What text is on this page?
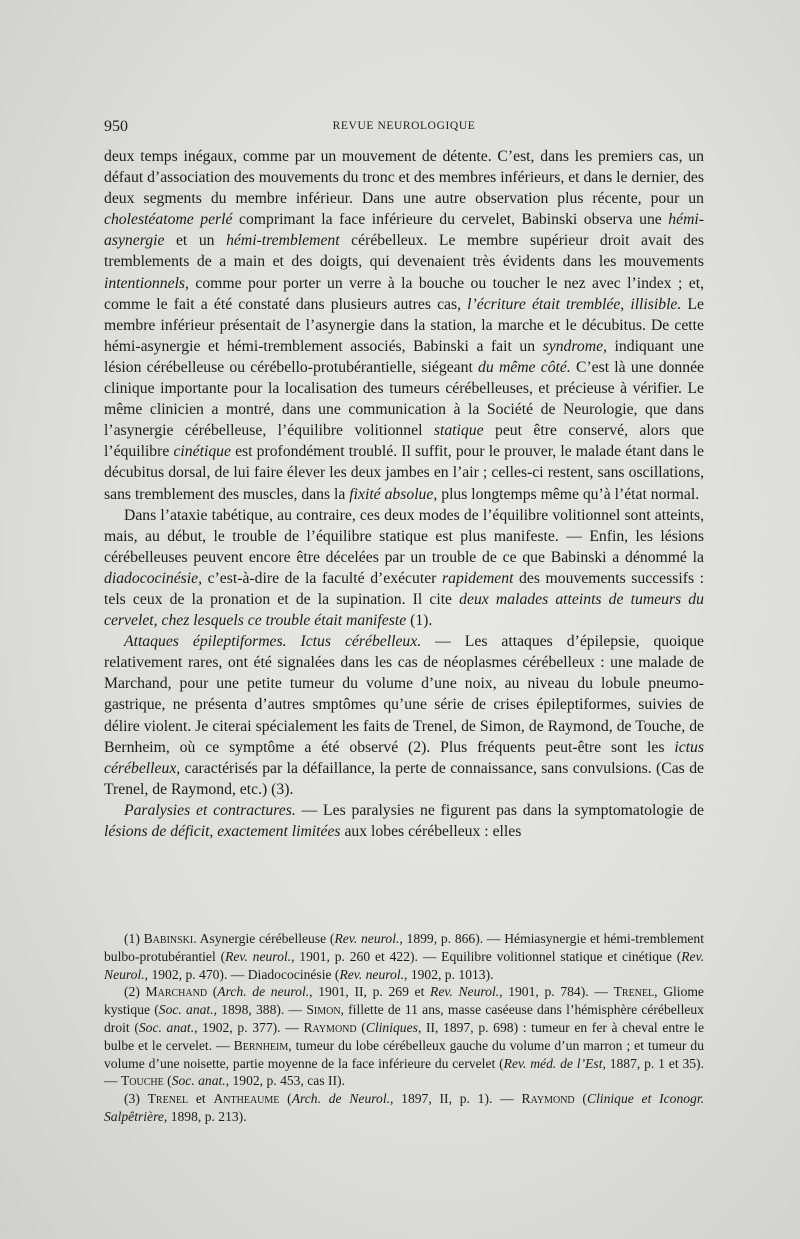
950	REVUE NEUROLOGIQUE

deux temps inégaux, comme par un mouvement de détente. C’est, dans les premiers cas, un défaut d’association des mouvements du tronc et des membres inférieurs, et dans le dernier, des deux segments du membre inférieur. Dans une autre observation plus récente, pour un cholestéatome perlé comprimant la face inférieure du cervelet, Babinski observa une hémi-asynergie et un hémi-tremblement cérébelleux. Le membre supérieur droit avait des tremblements de a main et des doigts, qui devenaient très évidents dans les mouvements intentionnels, comme pour porter un verre à la bouche ou toucher le nez avec l’index ; et, comme le fait a été constaté dans plusieurs autres cas, l’écriture était tremblée, illisible. Le membre inférieur présentait de l’asynergie dans la station, la marche et le décubitus. De cette hémi-asynergie et hémi-tremblement associés, Babinski a fait un syndrome, indiquant une lésion cérébelleuse ou cérébello-protubérantielle, siégeant du même côté. C’est là une donnée clinique importante pour la localisation des tumeurs cérébelleuses, et précieuse à vérifier. Le même clinicien a montré, dans une communication à la Société de Neurologie, que dans l’asynergie cérébelleuse, l’équilibre volitionnel statique peut être conservé, alors que l’équilibre cinétique est profondément troublé. Il suffit, pour le prouver, le malade étant dans le décubitus dorsal, de lui faire élever les deux jambes en l’air ; celles-ci restent, sans oscillations, sans tremblement des muscles, dans la fixité absolue, plus longtemps même qu’à l’état normal.

Dans l’ataxie tabétique, au contraire, ces deux modes de l’équilibre volitionnel sont atteints, mais, au début, le trouble de l’équilibre statique est plus manifeste. — Enfin, les lésions cérébelleuses peuvent encore être décelées par un trouble de ce que Babinski a dénommé la diadococinésie, c’est-à-dire de la faculté d’exécuter rapidement des mouvements successifs : tels ceux de la pronation et de la supination. Il cite deux malades atteints de tumeurs du cervelet, chez lesquels ce trouble était manifeste (1).

Attaques épileptiformes. Ictus cérébelleux. — Les attaques d’épilepsie, quoique relativement rares, ont été signalées dans les cas de néoplasmes cérébelleux : une malade de Marchand, pour une petite tumeur du volume d’une noix, au niveau du lobule pneumo-gastrique, ne présenta d’autres smptômes qu’une série de crises épileptiformes, suivies de délire violent. Je citerai spécialement les faits de Trenel, de Simon, de Raymond, de Touche, de Bernheim, où ce symptôme a été observé (2). Plus fréquents peut-être sont les ictus cérébelleux, caractérisés par la défaillance, la perte de connaissance, sans convulsions. (Cas de Trenel, de Raymond, etc.) (3).

Paralysies et contractures. — Les paralysies ne figurent pas dans la symptomatologie de lésions de déficit, exactement limitées aux lobes cérébelleux : elles

(1) Babinski. Asynergie cérébelleuse (Rev. neurol., 1899, p. 866). — Hémiasynergie et hémi-tremblement bulbo-protubérantiel (Rev. neurol., 1901, p. 260 et 422). — Equilibre volitionnel statique et cinétique (Rev. Neurol., 1902, p. 470). — Diadococinésie (Rev. neurol., 1902, p. 1013).

(2) Marchand (Arch. de neurol., 1901, II, p. 269 et Rev. Neurol., 1901, p. 784). — Trenel, Gliome kystique (Soc. anat., 1898, 388). — Simon, fillette de 11 ans, masse caséeuse dans l’hémisphère cérébelleux droit (Soc. anat., 1902, p. 377). — Raymond (Cliniques, II, 1897, p. 698) : tumeur en fer à cheval entre le bulbe et le cervelet. — Bernheim, tumeur du lobe cérébelleux gauche du volume d’un marron ; et tumeur du volume d’une noisette, partie moyenne de la face inférieure du cervelet (Rev. méd. de l’Est, 1887, p. 1 et 35). — Touche (Soc. anat., 1902, p. 453, cas II).

(3) Trenel et Antheaume (Arch. de Neurol., 1897, II, p. 1). — Raymond (Clinique et Iconogr. Salpêtrière, 1898, p. 213).
